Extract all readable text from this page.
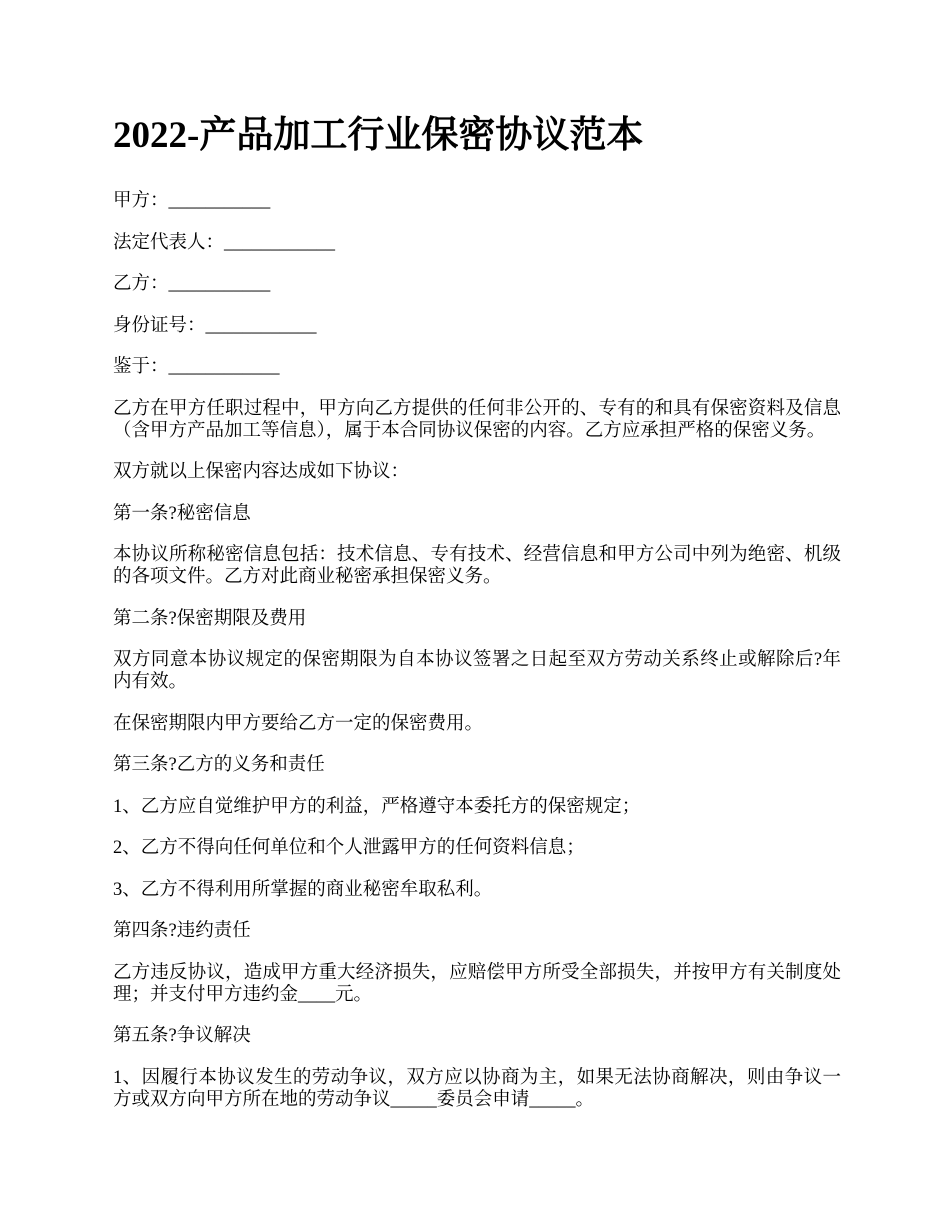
2022-产品加工行业保密协议范本

甲方：___________

法定代表人：____________

乙方：___________

身份证号：____________

鉴于：____________

乙方在甲方任职过程中，甲方向乙方提供的任何非公开的、专有的和具有保密资料及信息（含甲方产品加工等信息），属于本合同协议保密的内容。乙方应承担严格的保密义务。

双方就以上保密内容达成如下协议：

第一条?秘密信息

本协议所称秘密信息包括：技术信息、专有技术、经营信息和甲方公司中列为绝密、机级的各项文件。乙方对此商业秘密承担保密义务。

第二条?保密期限及费用

双方同意本协议规定的保密期限为自本协议签署之日起至双方劳动关系终止或解除后?年内有效。

在保密期限内甲方要给乙方一定的保密费用。

第三条?乙方的义务和责任

1、乙方应自觉维护甲方的利益，严格遵守本委托方的保密规定；

2、乙方不得向任何单位和个人泄露甲方的任何资料信息；

3、乙方不得利用所掌握的商业秘密牟取私利。

第四条?违约责任

乙方违反协议，造成甲方重大经济损失，应赔偿甲方所受全部损失，并按甲方有关制度处理；并支付甲方违约金____元。

第五条?争议解决

1、因履行本协议发生的劳动争议，双方应以协商为主，如果无法协商解决，则由争议一方或双方向甲方所在地的劳动争议_____委员会申请_____。
